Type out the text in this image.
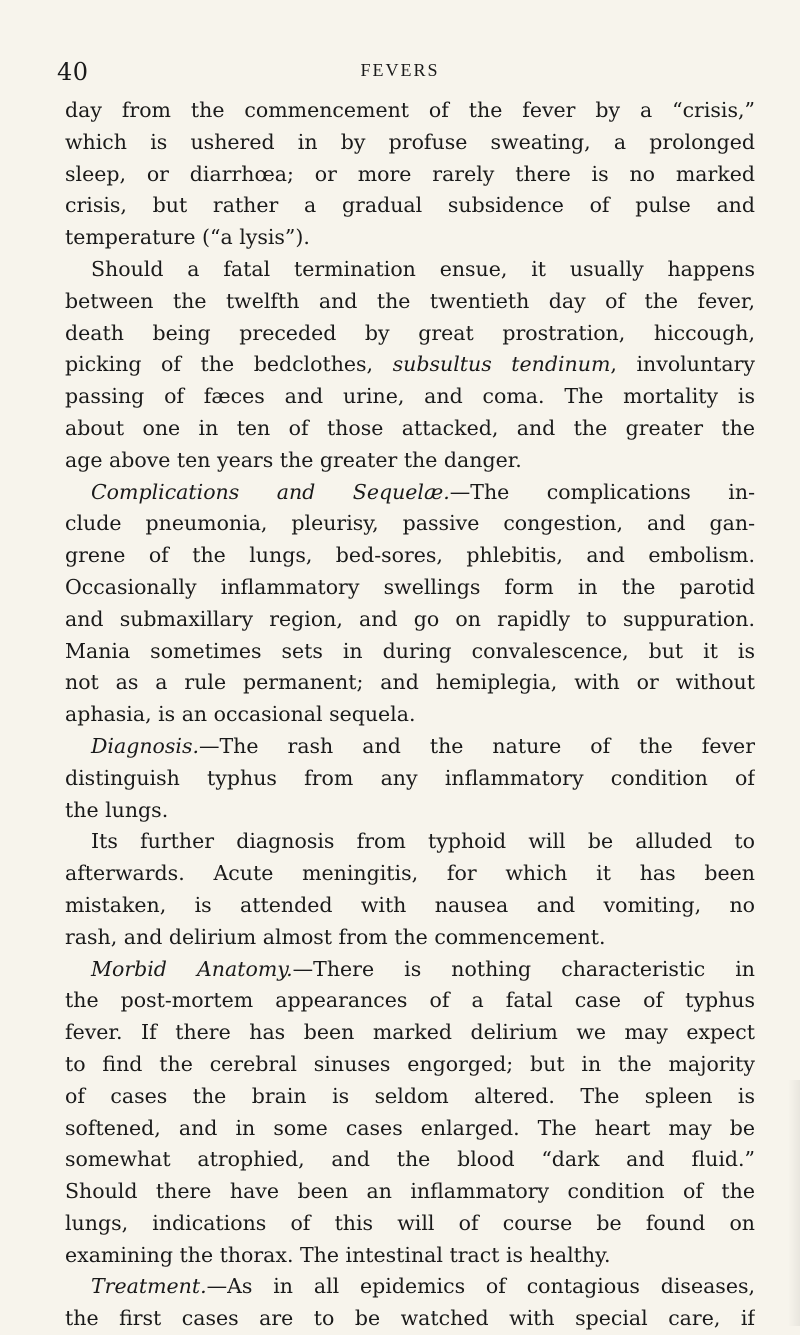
40	FEVERS
day from the commencement of the fever by a “crisis,”
which is ushered in by profuse sweating, a prolonged
sleep, or diarrhœa; or more rarely there is no marked
crisis, but rather a gradual subsidence of pulse and
temperature (“a lysis”).
Should a fatal termination ensue, it usually happens
between the twelfth and the twentieth day of the fever,
death being preceded by great prostration, hiccough,
picking of the bedclothes, subsultus tendinum, involuntary
passing of fæces and urine, and coma. The mortality is
about one in ten of those attacked, and the greater the
age above ten years the greater the danger.
Complications and Sequelæ.—The complications in-
clude pneumonia, pleurisy, passive congestion, and gan-
grene of the lungs, bed-sores, phlebitis, and embolism.
Occasionally inflammatory swellings form in the parotid
and submaxillary region, and go on rapidly to suppuration.
Mania sometimes sets in during convalescence, but it is
not as a rule permanent; and hemiplegia, with or without
aphasia, is an occasional sequela.
Diagnosis.—The rash and the nature of the fever
distinguish typhus from any inflammatory condition of
the lungs.
Its further diagnosis from typhoid will be alluded to
afterwards. Acute meningitis, for which it has been
mistaken, is attended with nausea and vomiting, no
rash, and delirium almost from the commencement.
Morbid Anatomy.—There is nothing characteristic in
the post-mortem appearances of a fatal case of typhus
fever. If there has been marked delirium we may expect
to find the cerebral sinuses engorged; but in the majority
of cases the brain is seldom altered. The spleen is
softened, and in some cases enlarged. The heart may be
somewhat atrophied, and the blood “dark and fluid.”
Should there have been an inflammatory condition of the
lungs, indications of this will of course be found on
examining the thorax. The intestinal tract is healthy.
Treatment.—As in all epidemics of contagious diseases,
the first cases are to be watched with special care, if
